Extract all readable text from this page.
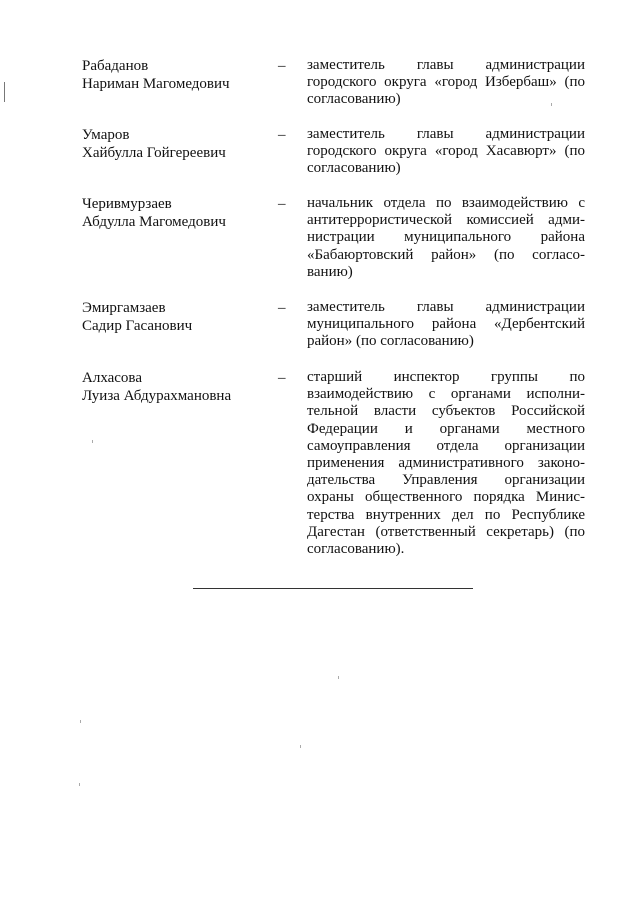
Рабаданов
Нариман Магомедович
– заместитель главы администрации
городского округа «город Избербаш» (по
согласованию)
Умаров
Хайбулла Гойгереевич
– заместитель главы администрации
городского округа «город Хасавюрт» (по
согласованию)
Черивмурзаев
Абдулла Магомедович
– начальник отдела по взаимодействию с
антитеррористической комиссией адми-
нистрации муниципального района
«Бабаюртовский район» (по согласо-
ванию)
Эмиргамзаев
Садир Гасанович
– заместитель главы администрации
муниципального района «Дербентский
район» (по согласованию)
Алхасова
Луиза Абдурахмановна
– старший инспектор группы по
взаимодействию с органами исполни-
тельной власти субъектов Российской
Федерации и органами местного
самоуправления отдела организации
применения административного законо-
дательства Управления организации
охраны общественного порядка Минис-
терства внутренних дел по Республике
Дагестан (ответственный секретарь) (по
согласованию).
